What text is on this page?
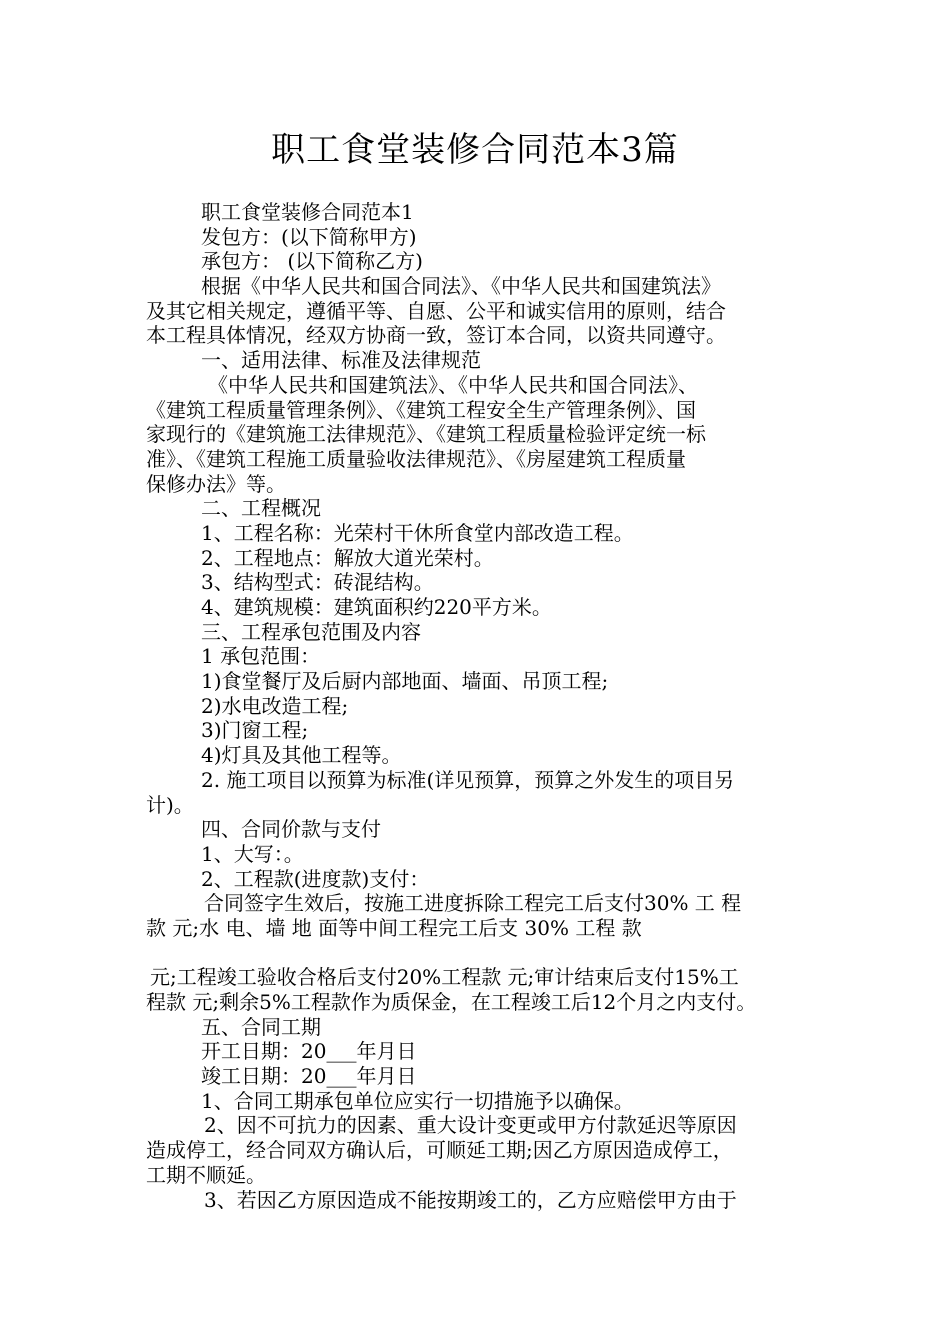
职工食堂装修合同范本3篇
职工食堂装修合同范本1
发包方：(以下简称甲方)
承包方： (以下简称乙方)
根据《中华人民共和国合同法》、《中华人民共和国建筑法》
及其它相关规定，遵循平等、自愿、公平和诚实信用的原则，结合
本工程具体情况，经双方协商一致，签订本合同，以资共同遵守。
一、适用法律、标准及法律规范
《中华人民共和国建筑法》、《中华人民共和国合同法》、
《建筑工程质量管理条例》、《建筑工程安全生产管理条例》、国
家现行的《建筑施工法律规范》、《建筑工程质量检验评定统一标
准》、《建筑工程施工质量验收法律规范》、《房屋建筑工程质量
保修办法》等。
二、工程概况
1、工程名称：光荣村干休所食堂内部改造工程。
2、工程地点：解放大道光荣村。
3、结构型式：砖混结构。
4、建筑规模：建筑面积约220平方米。
三、工程承包范围及内容
1 承包范围：
1)食堂餐厅及后厨内部地面、墙面、吊顶工程;
2)水电改造工程;
3)门窗工程;
4)灯具及其他工程等。
2. 施工项目以预算为标准(详见预算，预算之外发生的项目另
计)。
四、合同价款与支付
1、大写：。
2、工程款(进度款)支付：
合同签字生效后，按施工进度拆除工程完工后支付30% 工 程
款 元;水 电、墙 地 面等中间工程完工后支 30% 工程 款
元;工程竣工验收合格后支付20%工程款 元;审计结束后支付15%工
程款 元;剩余5%工程款作为质保金，在工程竣工后12个月之内支付。
五、合同工期
开工日期：20___年月日
竣工日期：20___年月日
1、合同工期承包单位应实行一切措施予以确保。
2、因不可抗力的因素、重大设计变更或甲方付款延迟等原因
造成停工，经合同双方确认后，可顺延工期;因乙方原因造成停工，
工期不顺延。
3、若因乙方原因造成不能按期竣工的，乙方应赔偿甲方由于
